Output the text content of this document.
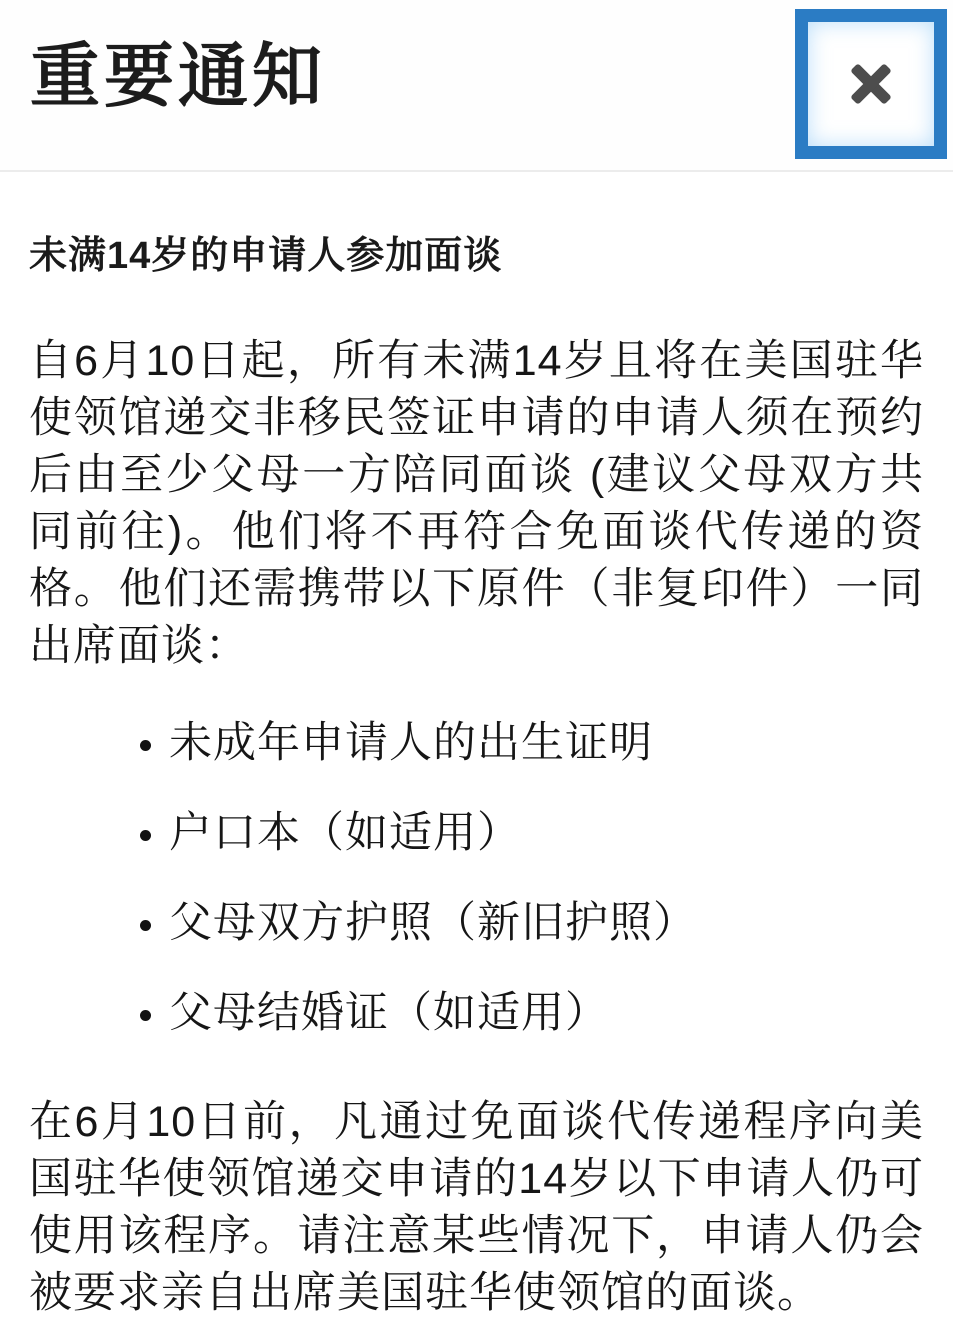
重要通知
未满14岁的申请人参加面谈

自6月10日起，所有未满14岁且将在美国驻华使领馆递交非移民签证申请的申请人须在预约后由至少父母一方陪同面谈 (建议父母双方共同前往)。他们将不再符合免面谈代传递的资格。他们还需携带以下原件（非复印件）一同出席面谈：

• 未成年申请人的出生证明
• 户口本（如适用）
• 父母双方护照（新旧护照）
• 父母结婚证（如适用）

在6月10日前，凡通过免面谈代传递程序向美国驻华使领馆递交申请的14岁以下申请人仍可使用该程序。请注意某些情况下，申请人仍会被要求亲自出席美国驻华使领馆的面谈。
